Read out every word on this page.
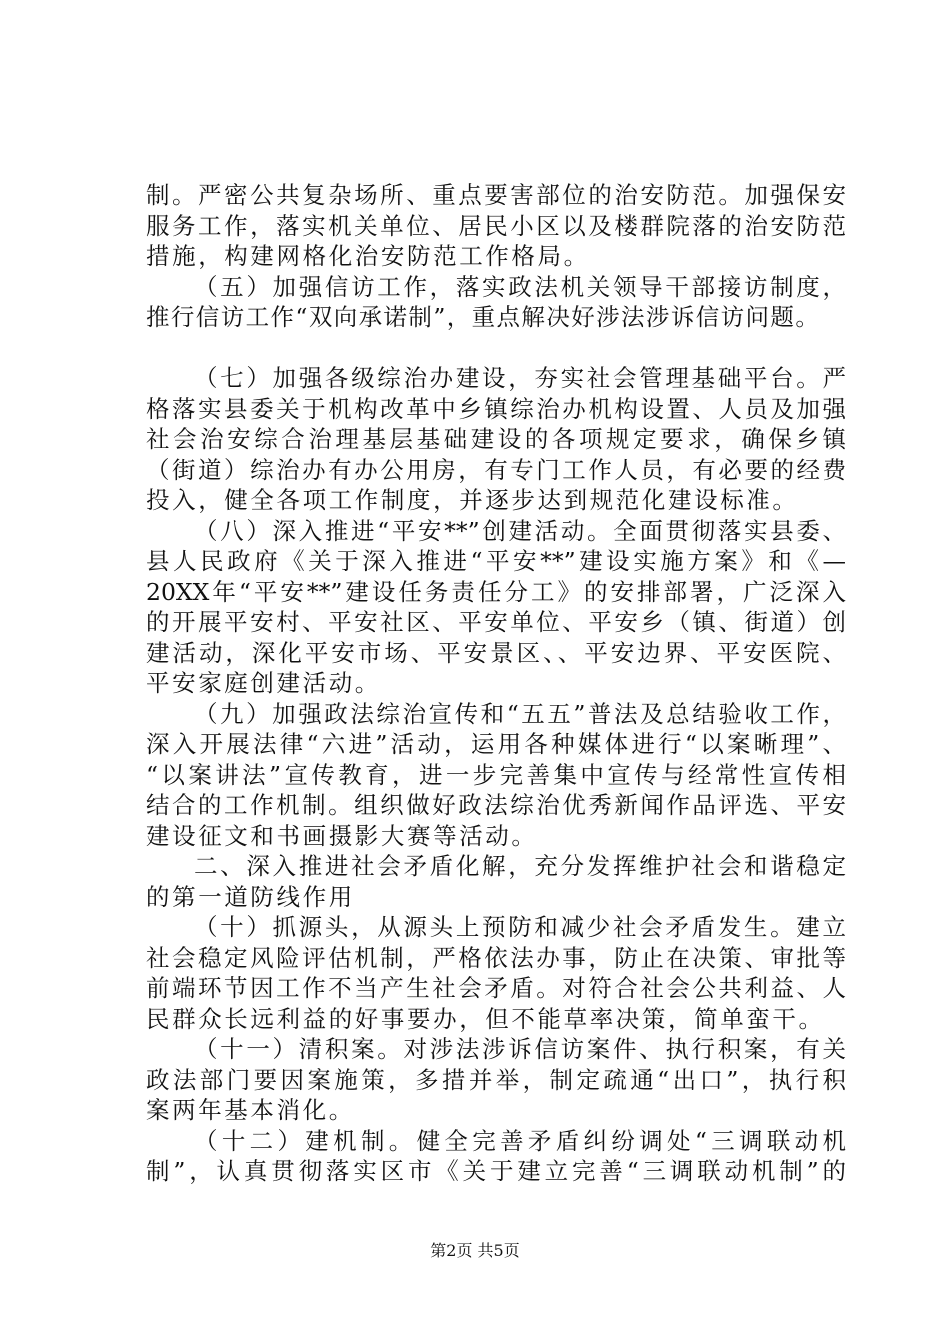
制。严密公共复杂场所、重点要害部位的治安防范。加强保安
服务工作，落实机关单位、居民小区以及楼群院落的治安防范
措施，构建网格化治安防范工作格局。
（五）加强信访工作，落实政法机关领导干部接访制度，
推行信访工作“双向承诺制”，重点解决好涉法涉诉信访问题。
（七）加强各级综治办建设，夯实社会管理基础平台。严
格落实县委关于机构改革中乡镇综治办机构设置、人员及加强
社会治安综合治理基层基础建设的各项规定要求，确保乡镇
（街道）综治办有办公用房，有专门工作人员，有必要的经费
投入，健全各项工作制度，并逐步达到规范化建设标准。
（八）深入推进“平安**”创建活动。全面贯彻落实县委、
县人民政府《关于深入推进“平安**”建设实施方案》和《—
20XX年“平安**”建设任务责任分工》的安排部署，广泛深入
的开展平安村、平安社区、平安单位、平安乡（镇、街道）创
建活动，深化平安市场、平安景区、、平安边界、平安医院、
平安家庭创建活动。
（九）加强政法综治宣传和“五五”普法及总结验收工作，
深入开展法律“六进”活动，运用各种媒体进行“以案晰理”、
“以案讲法”宣传教育，进一步完善集中宣传与经常性宣传相
结合的工作机制。组织做好政法综治优秀新闻作品评选、平安
建设征文和书画摄影大赛等活动。
二、深入推进社会矛盾化解，充分发挥维护社会和谐稳定
的第一道防线作用
（十）抓源头，从源头上预防和减少社会矛盾发生。建立
社会稳定风险评估机制，严格依法办事，防止在决策、审批等
前端环节因工作不当产生社会矛盾。对符合社会公共利益、人
民群众长远利益的好事要办，但不能草率决策，简单蛮干。
（十一）清积案。对涉法涉诉信访案件、执行积案，有关
政法部门要因案施策，多措并举，制定疏通“出口”，执行积
案两年基本消化。
（十二）建机制。健全完善矛盾纠纷调处“三调联动机
制”，认真贯彻落实区市《关于建立完善“三调联动机制”的
第2页 共5页
